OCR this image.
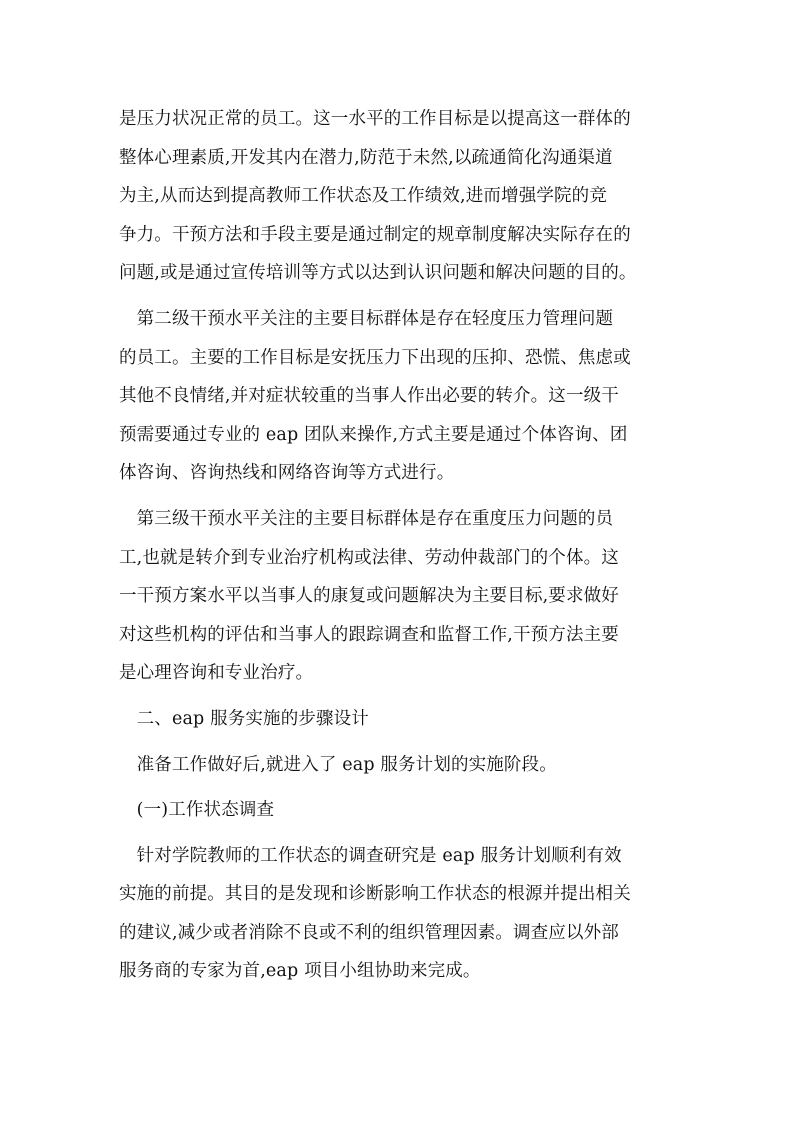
是压力状况正常的员工。这一水平的工作目标是以提高这一群体的
整体心理素质,开发其内在潜力,防范于未然,以疏通简化沟通渠道
为主,从而达到提高教师工作状态及工作绩效,进而增强学院的竞
争力。干预方法和手段主要是通过制定的规章制度解决实际存在的
问题,或是通过宣传培训等方式以达到认识问题和解决问题的目的。
　第二级干预水平关注的主要目标群体是存在轻度压力管理问题
的员工。主要的工作目标是安抚压力下出现的压抑、恐慌、焦虑或
其他不良情绪,并对症状较重的当事人作出必要的转介。这一级干
预需要通过专业的 eap 团队来操作,方式主要是通过个体咨询、团
体咨询、咨询热线和网络咨询等方式进行。
　第三级干预水平关注的主要目标群体是存在重度压力问题的员
工,也就是转介到专业治疗机构或法律、劳动仲裁部门的个体。这
一干预方案水平以当事人的康复或问题解决为主要目标,要求做好
对这些机构的评估和当事人的跟踪调查和监督工作,干预方法主要
是心理咨询和专业治疗。
　二、eap 服务实施的步骤设计
　准备工作做好后,就进入了 eap 服务计划的实施阶段。
　(一)工作状态调查
　针对学院教师的工作状态的调查研究是 eap 服务计划顺利有效
实施的前提。其目的是发现和诊断影响工作状态的根源并提出相关
的建议,减少或者消除不良或不利的组织管理因素。调查应以外部
服务商的专家为首,eap 项目小组协助来完成。
